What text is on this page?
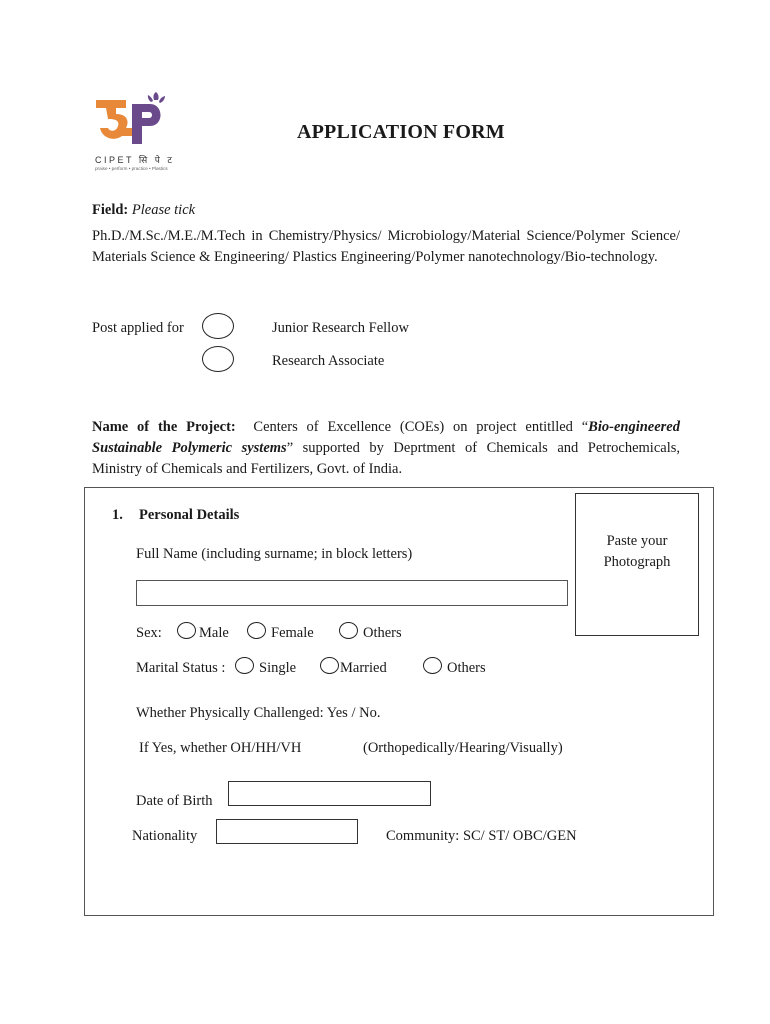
CIPET सि पे ट
praise • perform • practice • Plastics
APPLICATION FORM
Field: Please tick
Ph.D./M.Sc./M.E./M.Tech in Chemistry/Physics/ Microbiology/Material Science/Polymer Science/ Materials Science & Engineering/ Plastics Engineering/Polymer nanotechnology/Bio-technology.
Post applied for	Junior Research Fellow
Research Associate
Name of the Project: Centers of Excellence (COEs) on project entitlled “Bio-engineered Sustainable Polymeric systems” supported by Deprtment of Chemicals and Petrochemicals, Ministry of Chemicals and Fertilizers, Govt. of India.
1. Personal Details
Paste your
Photograph
Full Name (including surname; in block letters)
Sex:	Male	Female	Others
Marital Status : Single	Married	Others
Whether Physically Challenged: Yes / No.
If Yes, whether OH/HH/VH	(Orthopedically/Hearing/Visually)
Date of Birth
Nationality	Community: SC/ ST/ OBC/GEN
